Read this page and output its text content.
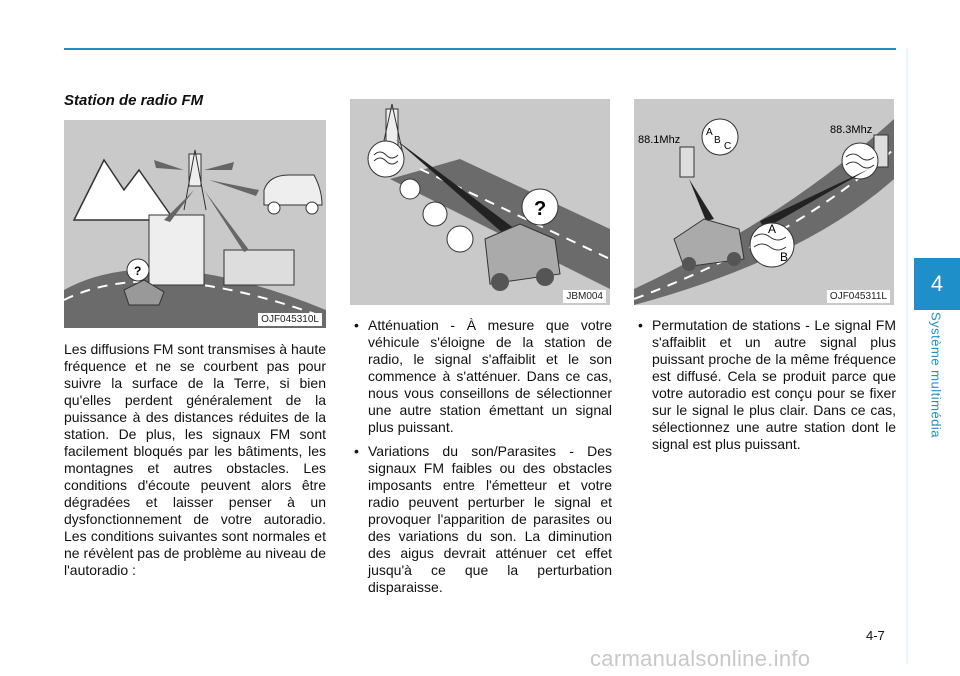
4
Système multimédia
Station de radio FM
?
OJF045310L
?
JBM004
88.1Mhz
88.3Mhz
A
B
C
A
B
OJF045311L

Les diffusions FM sont transmises à haute fréquence et ne se courbent pas pour suivre la surface de la Terre, si bien qu'elles perdent généralement de la puissance à des distances réduites de la station. De plus, les signaux FM sont facilement bloqués par les bâtiments, les montagnes et autres obstacles. Les conditions d'écoute peuvent alors être dégradées et laisser penser à un dysfonctionnement de votre autoradio. Les conditions suivantes sont normales et ne révèlent pas de problème au niveau de l'autoradio :

• Atténuation - À mesure que votre véhicule s'éloigne de la station de radio, le signal s'affaiblit et le son commence à s'atténuer. Dans ce cas, nous vous conseillons de sélectionner une autre station émettant un signal plus puissant.
• Variations du son/Parasites - Des signaux FM faibles ou des obstacles imposants entre l'émetteur et votre radio peuvent perturber le signal et provoquer l'apparition de parasites ou des variations du son. La diminution des aigus devrait atténuer cet effet jusqu'à ce que la perturbation disparaisse.
• Permutation de stations - Le signal FM s'affaiblit et un autre signal plus puissant proche de la même fréquence est diffusé. Cela se produit parce que votre autoradio est conçu pour se fixer sur le signal le plus clair. Dans ce cas, sélectionnez une autre station dont le signal est plus puissant.
4-7
carmanualsonline.info
